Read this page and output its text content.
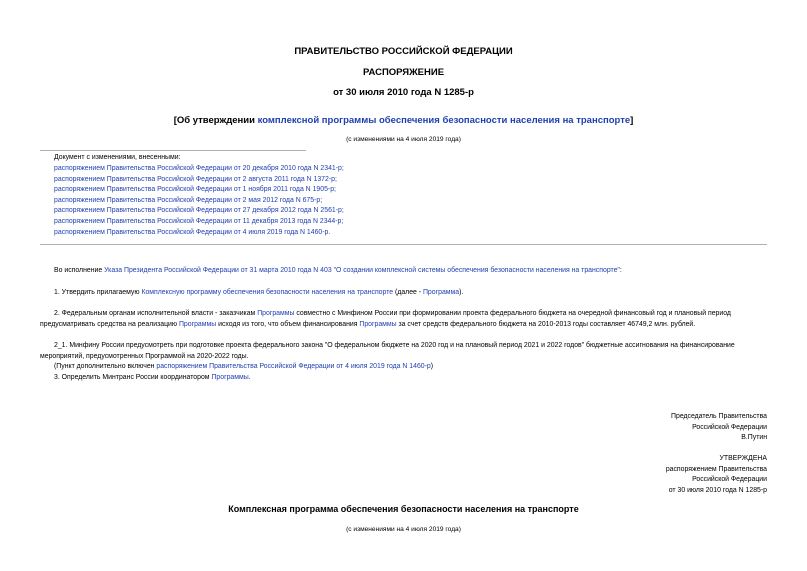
ПРАВИТЕЛЬСТВО РОССИЙСКОЙ ФЕДЕРАЦИИ
РАСПОРЯЖЕНИЕ
от 30 июля 2010 года N 1285-р
[Об утверждении комплексной программы обеспечения безопасности населения на транспорте]
(с изменениями на 4 июля 2019 года)
Документ с изменениями, внесенными:
распоряжением Правительства Российской Федерации от 20 декабря 2010 года N 2341-р;
распоряжением Правительства Российской Федерации от 2 августа 2011 года N 1372-р;
распоряжением Правительства Российской Федерации от 1 ноября 2011 года N 1905-р;
распоряжением Правительства Российской Федерации от 2 мая 2012 года N 675-р;
распоряжением Правительства Российской Федерации от 27 декабря 2012 года N 2561-р;
распоряжением Правительства Российской Федерации от 11 декабря 2013 года N 2344-р;
распоряжением Правительства Российской Федерации от 4 июля 2019 года N 1460-р.
Во исполнение Указа Президента Российской Федерации от 31 марта 2010 года N 403 "О создании комплексной системы обеспечения безопасности населения на транспорте":
1. Утвердить прилагаемую Комплексную программу обеспечения безопасности населения на транспорте (далее - Программа).
2. Федеральным органам исполнительной власти - заказчикам Программы совместно с Минфином России при формировании проекта федерального бюджета на очередной финансовый год и плановый период
предусматривать средства на реализацию Программы исходя из того, что объем финансирования Программы за счет средств федерального бюджета на 2010-2013 годы составляет 46749,2 млн. рублей.
2_1. Минфину России предусмотреть при подготовке проекта федерального закона "О федеральном бюджете на 2020 год и на плановый период 2021 и 2022 годов" бюджетные ассигнования на финансирование
мероприятий, предусмотренных Программой на 2020-2022 годы.
(Пункт дополнительно включен распоряжением Правительства Российской Федерации от 4 июля 2019 года N 1460-р)
3. Определить Минтранс России координатором Программы.
Председатель Правительства
Российской Федерации
В.Путин
УТВЕРЖДЕНА
распоряжением Правительства
Российской Федерации
от 30 июля 2010 года N 1285-р
Комплексная программа обеспечения безопасности населения на транспорте
(с изменениями на 4 июля 2019 года)
